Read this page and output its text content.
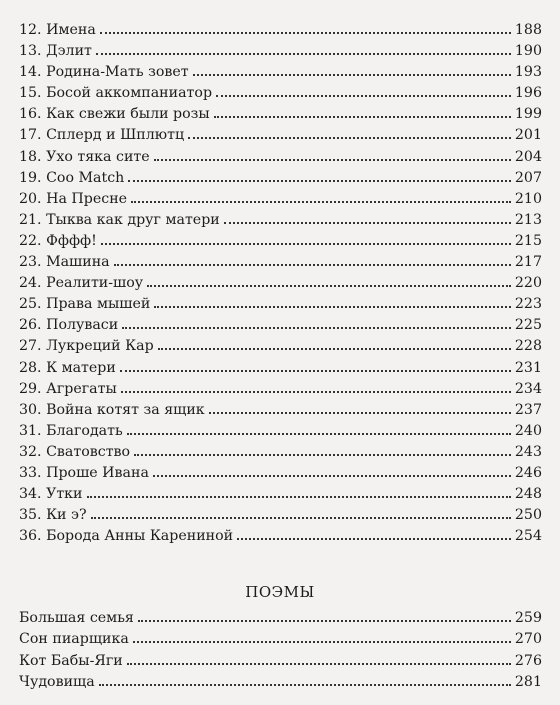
12. Имена	188
13. Дэлит	190
14. Родина-Мать зовет	193
15. Босой аккомпаниатор	196
16. Как свежи были розы	199
17. Сплерд и Шплютц	201
18. Ухо тяка сите	204
19. Соо Match	207
20. На Пресне	210
21. Тыква как друг матери	213
22. Фффф!	215
23. Машина	217
24. Реалити-шоу	220
25. Права мышей	223
26. Полуваси	225
27. Лукреций Кар	228
28. К матери	231
29. Агрегаты	234
30. Война котят за ящик	237
31. Благодать	240
32. Сватовство	243
33. Проше Ивана	246
34. Утки	248
35. Ки э?	250
36. Борода Анны Карениной	254
ПОЭМЫ
Большая семья	259
Сон пиарщика	270
Кот Бабы-Яги	276
Чудовища	281
